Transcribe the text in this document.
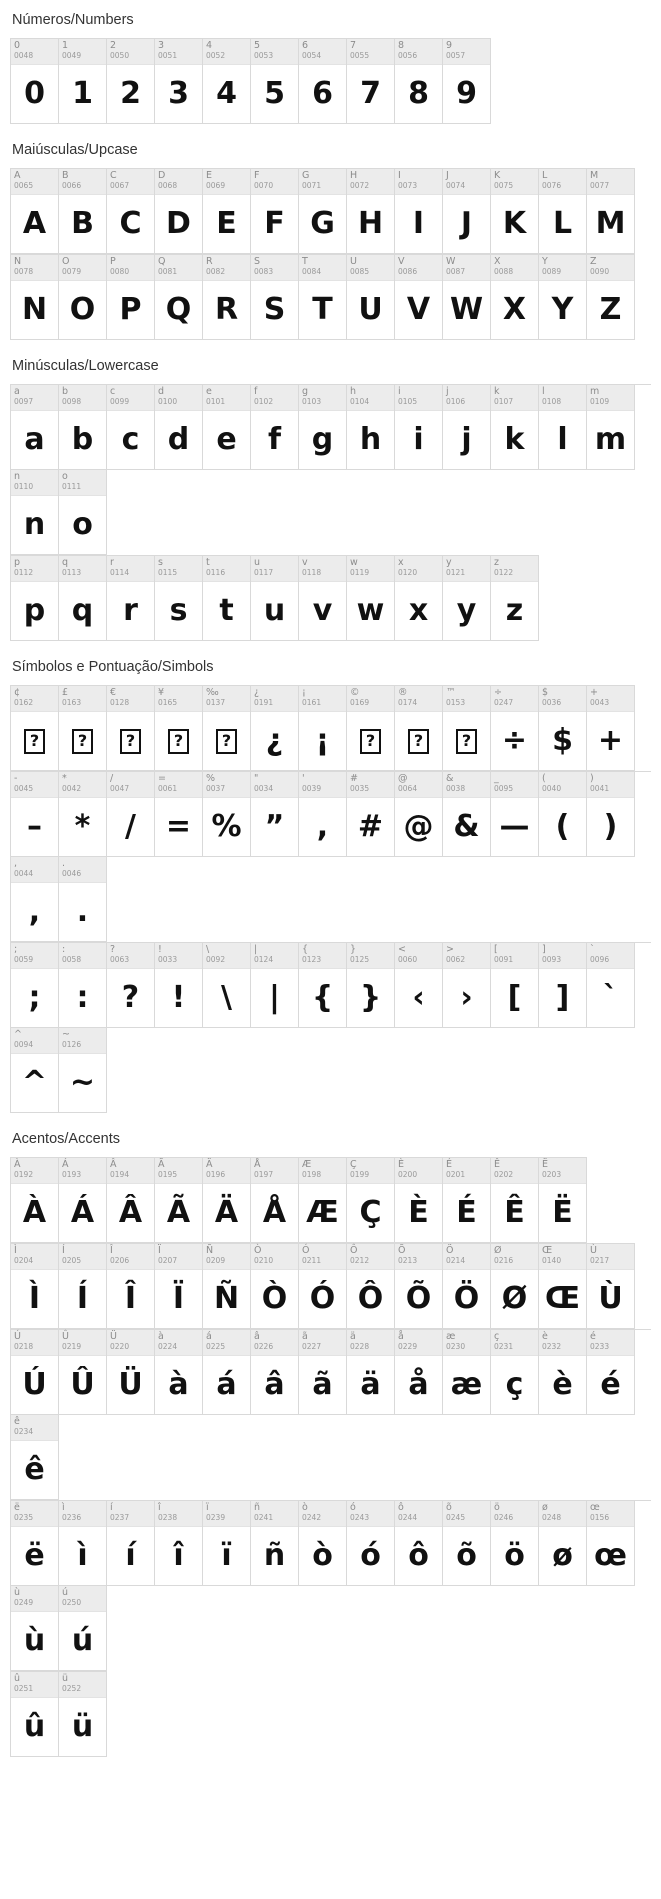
Números/Numbers
0
0048
0
1
0049
1
2
0050
2
3
0051
3
4
0052
4
5
0053
5
6
0054
6
7
0055
7
8
0056
8
9
0057
9
Maiúsculas/Upcase
A
0065
A
B
0066
B
C
0067
C
D
0068
D
E
0069
E
F
0070
F
G
0071
G
H
0072
H
I
0073
I
J
0074
J
K
0075
K
L
0076
L
M
0077
M
N
0078
N
O
0079
O
P
0080
P
Q
0081
Q
R
0082
R
S
0083
S
T
0084
T
U
0085
U
V
0086
V
W
0087
W
X
0088
X
Y
0089
Y
Z
0090
Z
Minúsculas/Lowercase
a
0097
a
b
0098
b
c
0099
c
d
0100
d
e
0101
e
f
0102
f
g
0103
g
h
0104
h
i
0105
i
j
0106
j
k
0107
k
l
0108
l
m
0109
m
n
0110
n
o
0111
o
p
0112
p
q
0113
q
r
0114
r
s
0115
s
t
0116
t
u
0117
u
v
0118
v
w
0119
w
x
0120
x
y
0121
y
z
0122
z
Símbolos e Pontuação/Simbols
¢
0162
?
£
0163
?
€
0128
?
¥
0165
?
‰
0137
?
¿
0191
¿
¡
0161
¡
©
0169
?
®
0174
?
™
0153
?
÷
0247
÷
$
0036
$
+
0043
+
-
0045
–
*
0042
*
/
0047
/
=
0061
=
%
0037
%
"
0034
”
'
0039
,
#
0035
#
@
0064
@
&
0038
&
_
0095
—
(
0040
(
)
0041
)
,
0044
,
.
0046
.
;
0059
;
:
0058
:
?
0063
?
!
0033
!
\
0092
\
|
0124
|
{
0123
{
}
0125
}
<
0060
‹
>
0062
›
[
0091
[
]
0093
]
`
0096
`
^
0094
^
~
0126
~
Acentos/Accents
À
0192
À
Á
0193
Á
Â
0194
Â
Ã
0195
Ã
Ä
0196
Ä
Å
0197
Å
Æ
0198
Æ
Ç
0199
Ç
È
0200
È
É
0201
É
Ê
0202
Ê
Ë
0203
Ë
Ì
0204
Ì
Í
0205
Í
Î
0206
Î
Ï
0207
Ï
Ñ
0209
Ñ
Ò
0210
Ò
Ó
0211
Ó
Ô
0212
Ô
Õ
0213
Õ
Ö
0214
Ö
Ø
0216
Ø
Œ
0140
Œ
Ù
0217
Ù
Ú
0218
Ú
Û
0219
Û
Ü
0220
Ü
à
0224
à
á
0225
á
â
0226
â
ã
0227
ã
ä
0228
ä
å
0229
å
æ
0230
æ
ç
0231
ç
è
0232
è
é
0233
é
ê
0234
ê
ë
0235
ë
ì
0236
ì
í
0237
í
î
0238
î
ï
0239
ï
ñ
0241
ñ
ò
0242
ò
ó
0243
ó
ô
0244
ô
õ
0245
õ
ö
0246
ö
ø
0248
ø
œ
0156
œ
ù
0249
ù
ú
0250
ú
û
0251
û
ü
0252
ü
